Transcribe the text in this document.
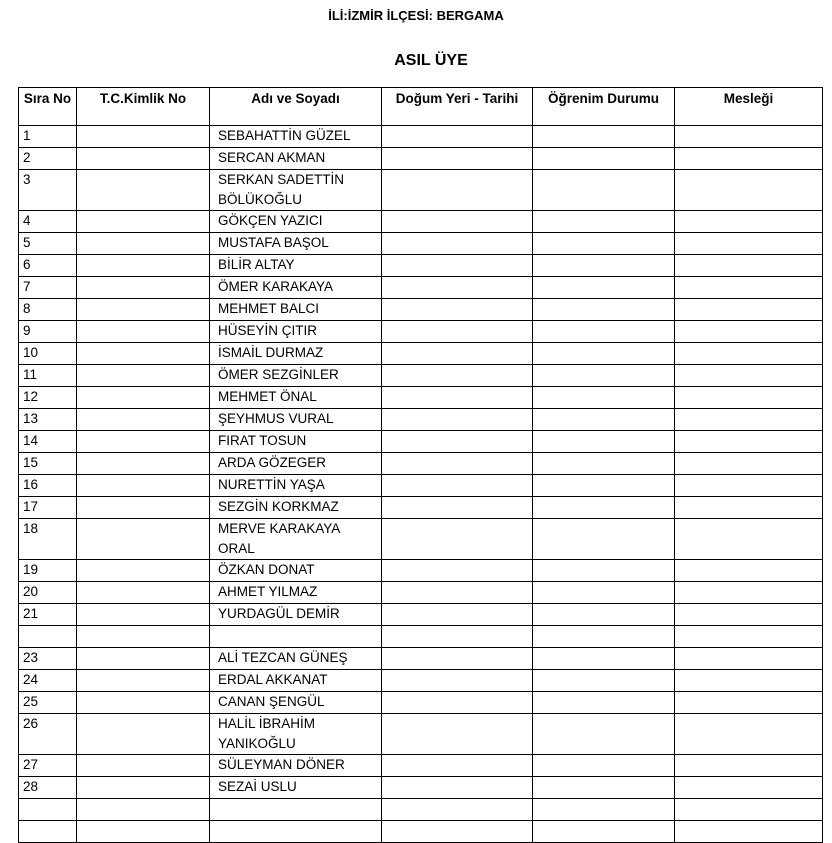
İLİ:İZMİR İLÇESİ: BERGAMA
ASIL ÜYE
Sıra No	T.C.Kimlik No	Adı ve Soyadı	Doğum Yeri - Tarihi	Öğrenim Durumu	Mesleği
1		SEBAHATTİN GÜZEL			
2		SERCAN AKMAN			
3		SERKAN SADETTİN BÖLÜKOĞLU			
4		GÖKÇEN YAZICI			
5		MUSTAFA BAŞOL			
6		BİLİR ALTAY			
7		ÖMER KARAKAYA			
8		MEHMET BALCI			
9		HÜSEYİN ÇITIR			
10		İSMAİL DURMAZ			
11		ÖMER SEZGİNLER			
12		MEHMET ÖNAL			
13		ŞEYHMUS VURAL			
14		FIRAT TOSUN			
15		ARDA GÖZEGER			
16		NURETTİN YAŞA			
17		SEZGİN KORKMAZ			
18		MERVE KARAKAYA ORAL			
19		ÖZKAN DONAT			
20		AHMET YILMAZ			
21		YURDAGÜL DEMİR			

23		ALİ TEZCAN GÜNEŞ			
24		ERDAL AKKANAT			
25		CANAN ŞENGÜL			
26		HALİL İBRAHİM YANIKOĞLU			
27		SÜLEYMAN DÖNER			
28		SEZAİ USLU			
